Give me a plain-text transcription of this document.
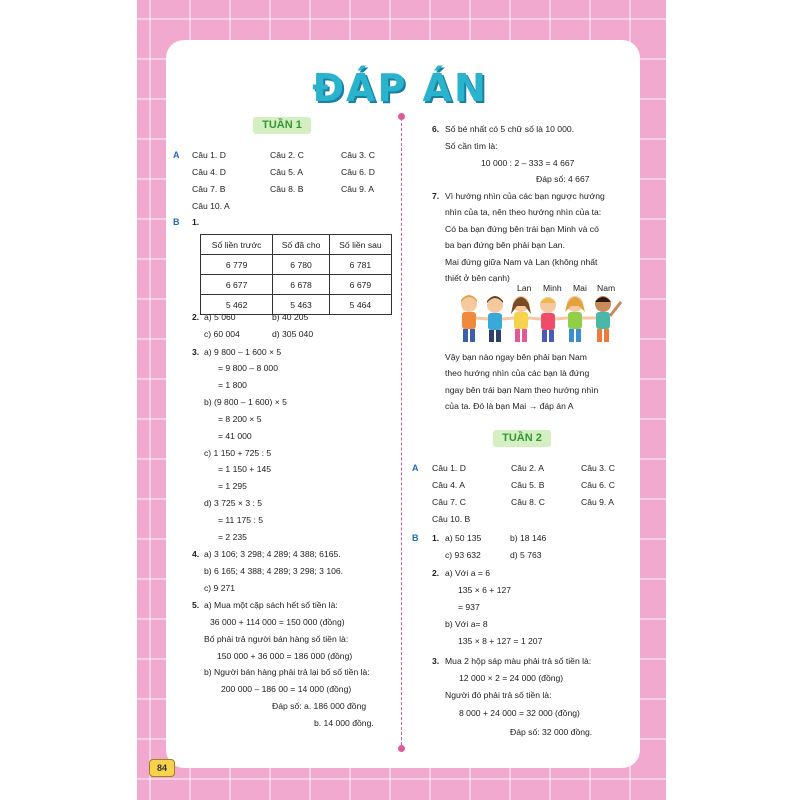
ĐÁP ÁN
TUẦN 1
A Câu 1. D	Câu 2. C	Câu 3. C
Câu 4. D	Câu 5. A	Câu 6. D
Câu 7. B	Câu 8. B	Câu 9. A
Câu 10. A
B 1.
Số liền trước	Số đã cho	Số liền sau
6 779	6 780	6 781
6 677	6 678	6 679
5 462	5 463	5 464
2. a) 5 060	b) 40 205
c) 60 004	d) 305 040
3. a) 9 800 – 1 600 × 5
= 9 800 – 8 000
= 1 800
b) (9 800 – 1 600) × 5
= 8 200 × 5
= 41 000
c) 1 150 + 725 : 5
= 1 150 + 145
= 1 295
d) 3 725 × 3 : 5
= 11 175 : 5
= 2 235
4. a) 3 106; 3 298; 4 289; 4 388; 6165.
b) 6 165; 4 388; 4 289; 3 298; 3 106.
c) 9 271
5. a) Mua một cặp sách hết số tiền là:
36 000 + 114 000 = 150 000 (đồng)
Bố phải trả người bán hàng số tiền là:
150 000 + 36 000 = 186 000 (đồng)
b) Người bán hàng phải trả lại bố số tiền là:
200 000 – 186 00 = 14 000 (đồng)
Đáp số: a. 186 000 đồng
b. 14 000 đồng.
6. Số bé nhất có 5 chữ số là 10 000.
Số cần tìm là:
10 000 : 2 – 333 = 4 667
Đáp số: 4 667
7. Vì hướng nhìn của các bạn ngược hướng
nhìn của ta, nên theo hướng nhìn của ta:
Có ba bạn đứng bên trái bạn Minh và có
ba bạn đứng bên phải bạn Lan.
Mai đứng giữa Nam và Lan (không nhất
thiết ở bên cạnh)
Lan Minh Mai Nam
Vậy bạn nào ngay bên phải bạn Nam
theo hướng nhìn của các bạn là đứng
ngay bên trái bạn Nam theo hướng nhìn
của ta. Đó là bạn Mai → đáp án A
TUẦN 2
A Câu 1. D	Câu 2. A	Câu 3. C
Câu 4. A	Câu 5. B	Câu 6. C
Câu 7. C	Câu 8. C	Câu 9. A
Câu 10. B
B 1. a) 50 135	b) 18 146
c) 93 632	d) 5 763
2. a) Với a = 6
135 × 6 + 127
= 937
b) Với a= 8
135 × 8 + 127 = 1 207
3. Mua 2 hộp sáp màu phải trả số tiền là:
12 000 × 2 = 24 000 (đồng)
Người đó phải trả số tiền là:
8 000 + 24 000 = 32 000 (đồng)
Đáp số: 32 000 đồng.
84
